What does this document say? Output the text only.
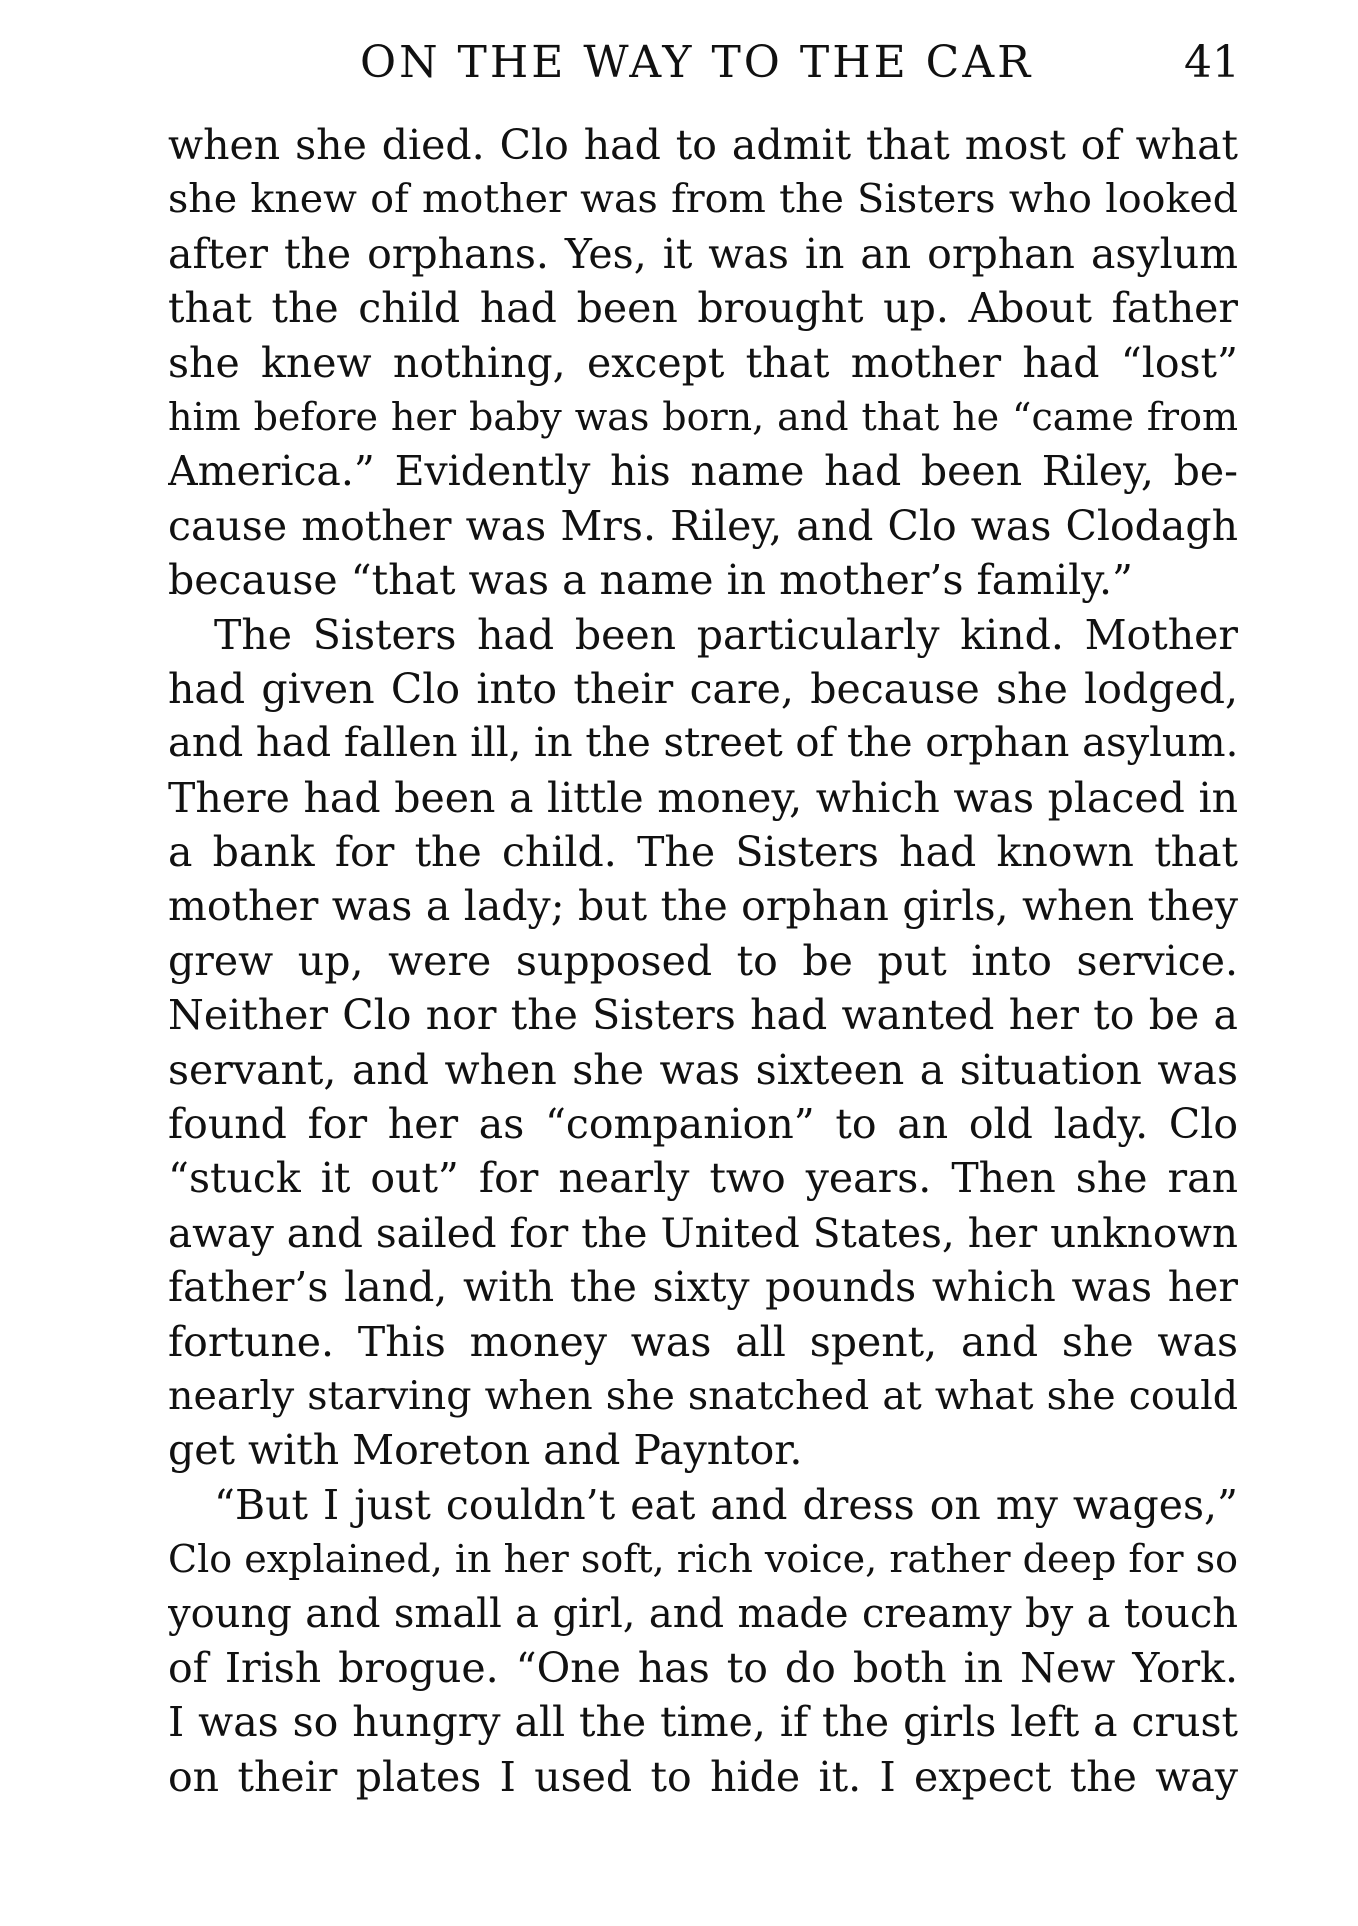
ON THE WAY TO THE CAR	41
when she died. Clo had to admit that most of what
she knew of mother was from the Sisters who looked
after the orphans. Yes, it was in an orphan asylum
that the child had been brought up. About father
she knew nothing, except that mother had “lost”
him before her baby was born, and that he “came from
America.” Evidently his name had been Riley, be-
cause mother was Mrs. Riley, and Clo was Clodagh
because “that was a name in mother’s family.”
The Sisters had been particularly kind. Mother
had given Clo into their care, because she lodged,
and had fallen ill, in the street of the orphan asylum.
There had been a little money, which was placed in
a bank for the child. The Sisters had known that
mother was a lady; but the orphan girls, when they
grew up, were supposed to be put into service.
Neither Clo nor the Sisters had wanted her to be a
servant, and when she was sixteen a situation was
found for her as “companion” to an old lady. Clo
“stuck it out” for nearly two years. Then she ran
away and sailed for the United States, her unknown
father’s land, with the sixty pounds which was her
fortune. This money was all spent, and she was
nearly starving when she snatched at what she could
get with Moreton and Payntor.
“But I just couldn’t eat and dress on my wages,”
Clo explained, in her soft, rich voice, rather deep for so
young and small a girl, and made creamy by a touch
of Irish brogue. “One has to do both in New York.
I was so hungry all the time, if the girls left a crust
on their plates I used to hide it. I expect the way
